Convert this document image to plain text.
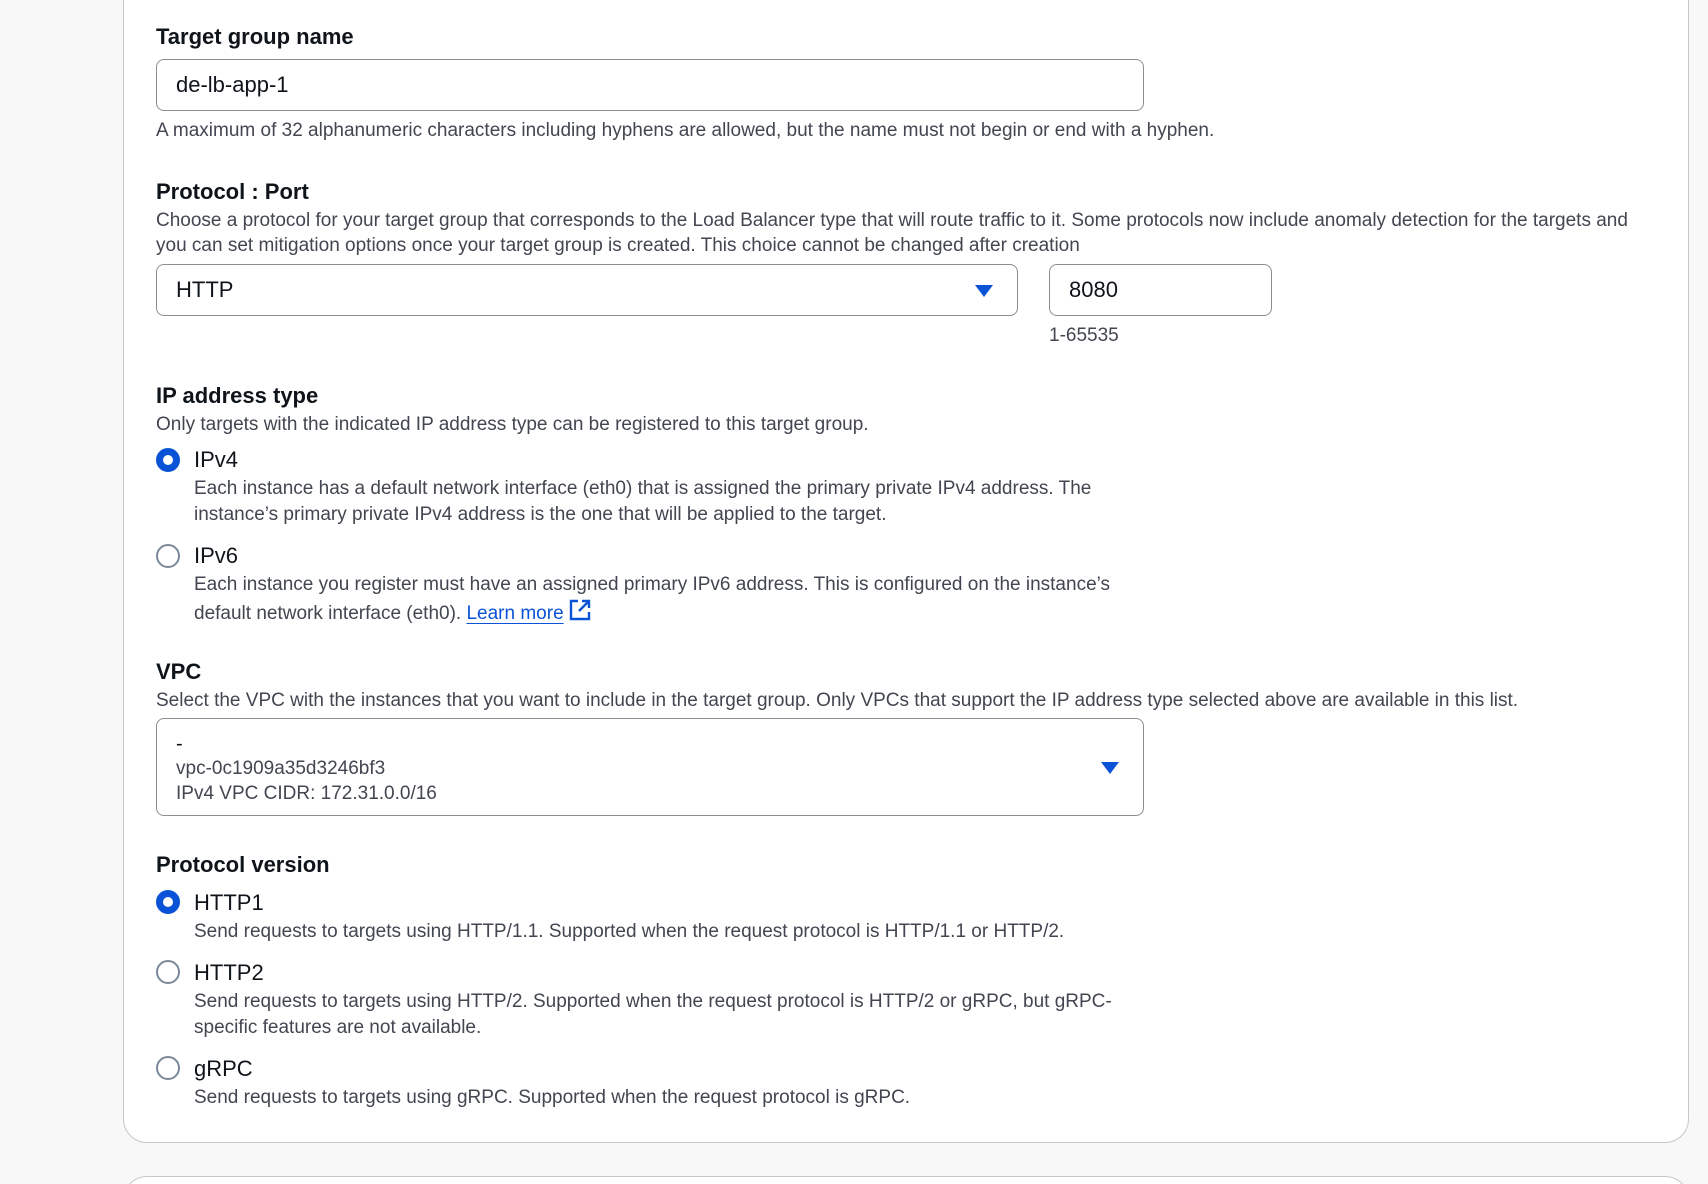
Target group name
de-lb-app-1
A maximum of 32 alphanumeric characters including hyphens are allowed, but the name must not begin or end with a hyphen.
Protocol : Port
Choose a protocol for your target group that corresponds to the Load Balancer type that will route traffic to it. Some protocols now include anomaly detection for the targets and you can set mitigation options once your target group is created. This choice cannot be changed after creation
HTTP	8080
1-65535
IP address type
Only targets with the indicated IP address type can be registered to this target group.
IPv4
Each instance has a default network interface (eth0) that is assigned the primary private IPv4 address. The instance’s primary private IPv4 address is the one that will be applied to the target.
IPv6
Each instance you register must have an assigned primary IPv6 address. This is configured on the instance’s default network interface (eth0). Learn more
VPC
Select the VPC with the instances that you want to include in the target group. Only VPCs that support the IP address type selected above are available in this list.
-
vpc-0c1909a35d3246bf3
IPv4 VPC CIDR: 172.31.0.0/16
Protocol version
HTTP1
Send requests to targets using HTTP/1.1. Supported when the request protocol is HTTP/1.1 or HTTP/2.
HTTP2
Send requests to targets using HTTP/2. Supported when the request protocol is HTTP/2 or gRPC, but gRPC-specific features are not available.
gRPC
Send requests to targets using gRPC. Supported when the request protocol is gRPC.
